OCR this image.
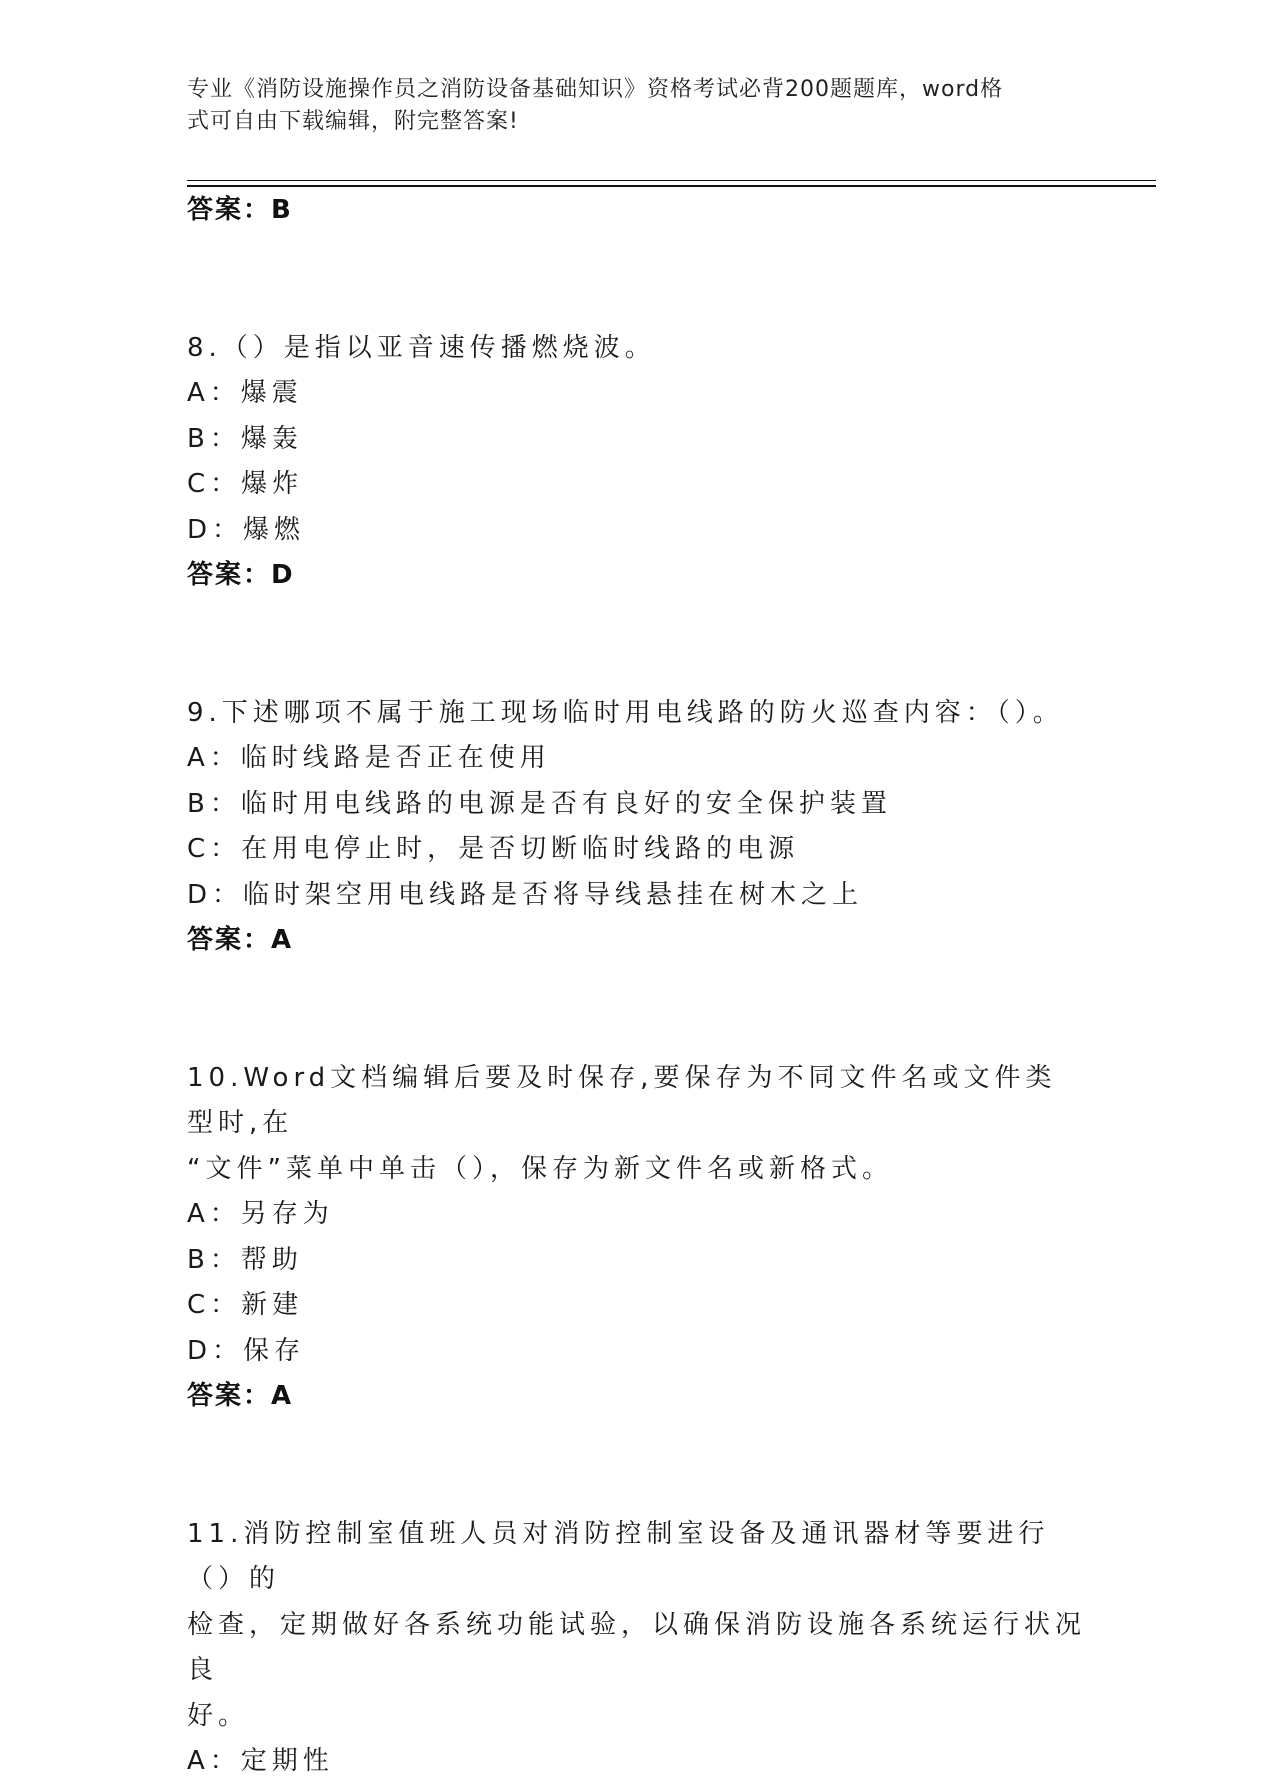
专业《消防设施操作员之消防设备基础知识》资格考试必背200题题库，word格
式可自由下载编辑，附完整答案!
答案：B
8.（）是指以亚音速传播燃烧波。
A：爆震
B：爆轰
C：爆炸
D：爆燃
答案：D
9.下述哪项不属于施工现场临时用电线路的防火巡查内容：（）。
A：临时线路是否正在使用
B：临时用电线路的电源是否有良好的安全保护装置
C：在用电停止时，是否切断临时线路的电源
D：临时架空用电线路是否将导线悬挂在树木之上
答案：A
10.Word文档编辑后要及时保存,要保存为不同文件名或文件类型时,在
“文件”菜单中单击（），保存为新文件名或新格式。
A：另存为
B：帮助
C：新建
D：保存
答案：A
11.消防控制室值班人员对消防控制室设备及通讯器材等要进行（）的
检查，定期做好各系统功能试验，以确保消防设施各系统运行状况良
好。
A：定期性
